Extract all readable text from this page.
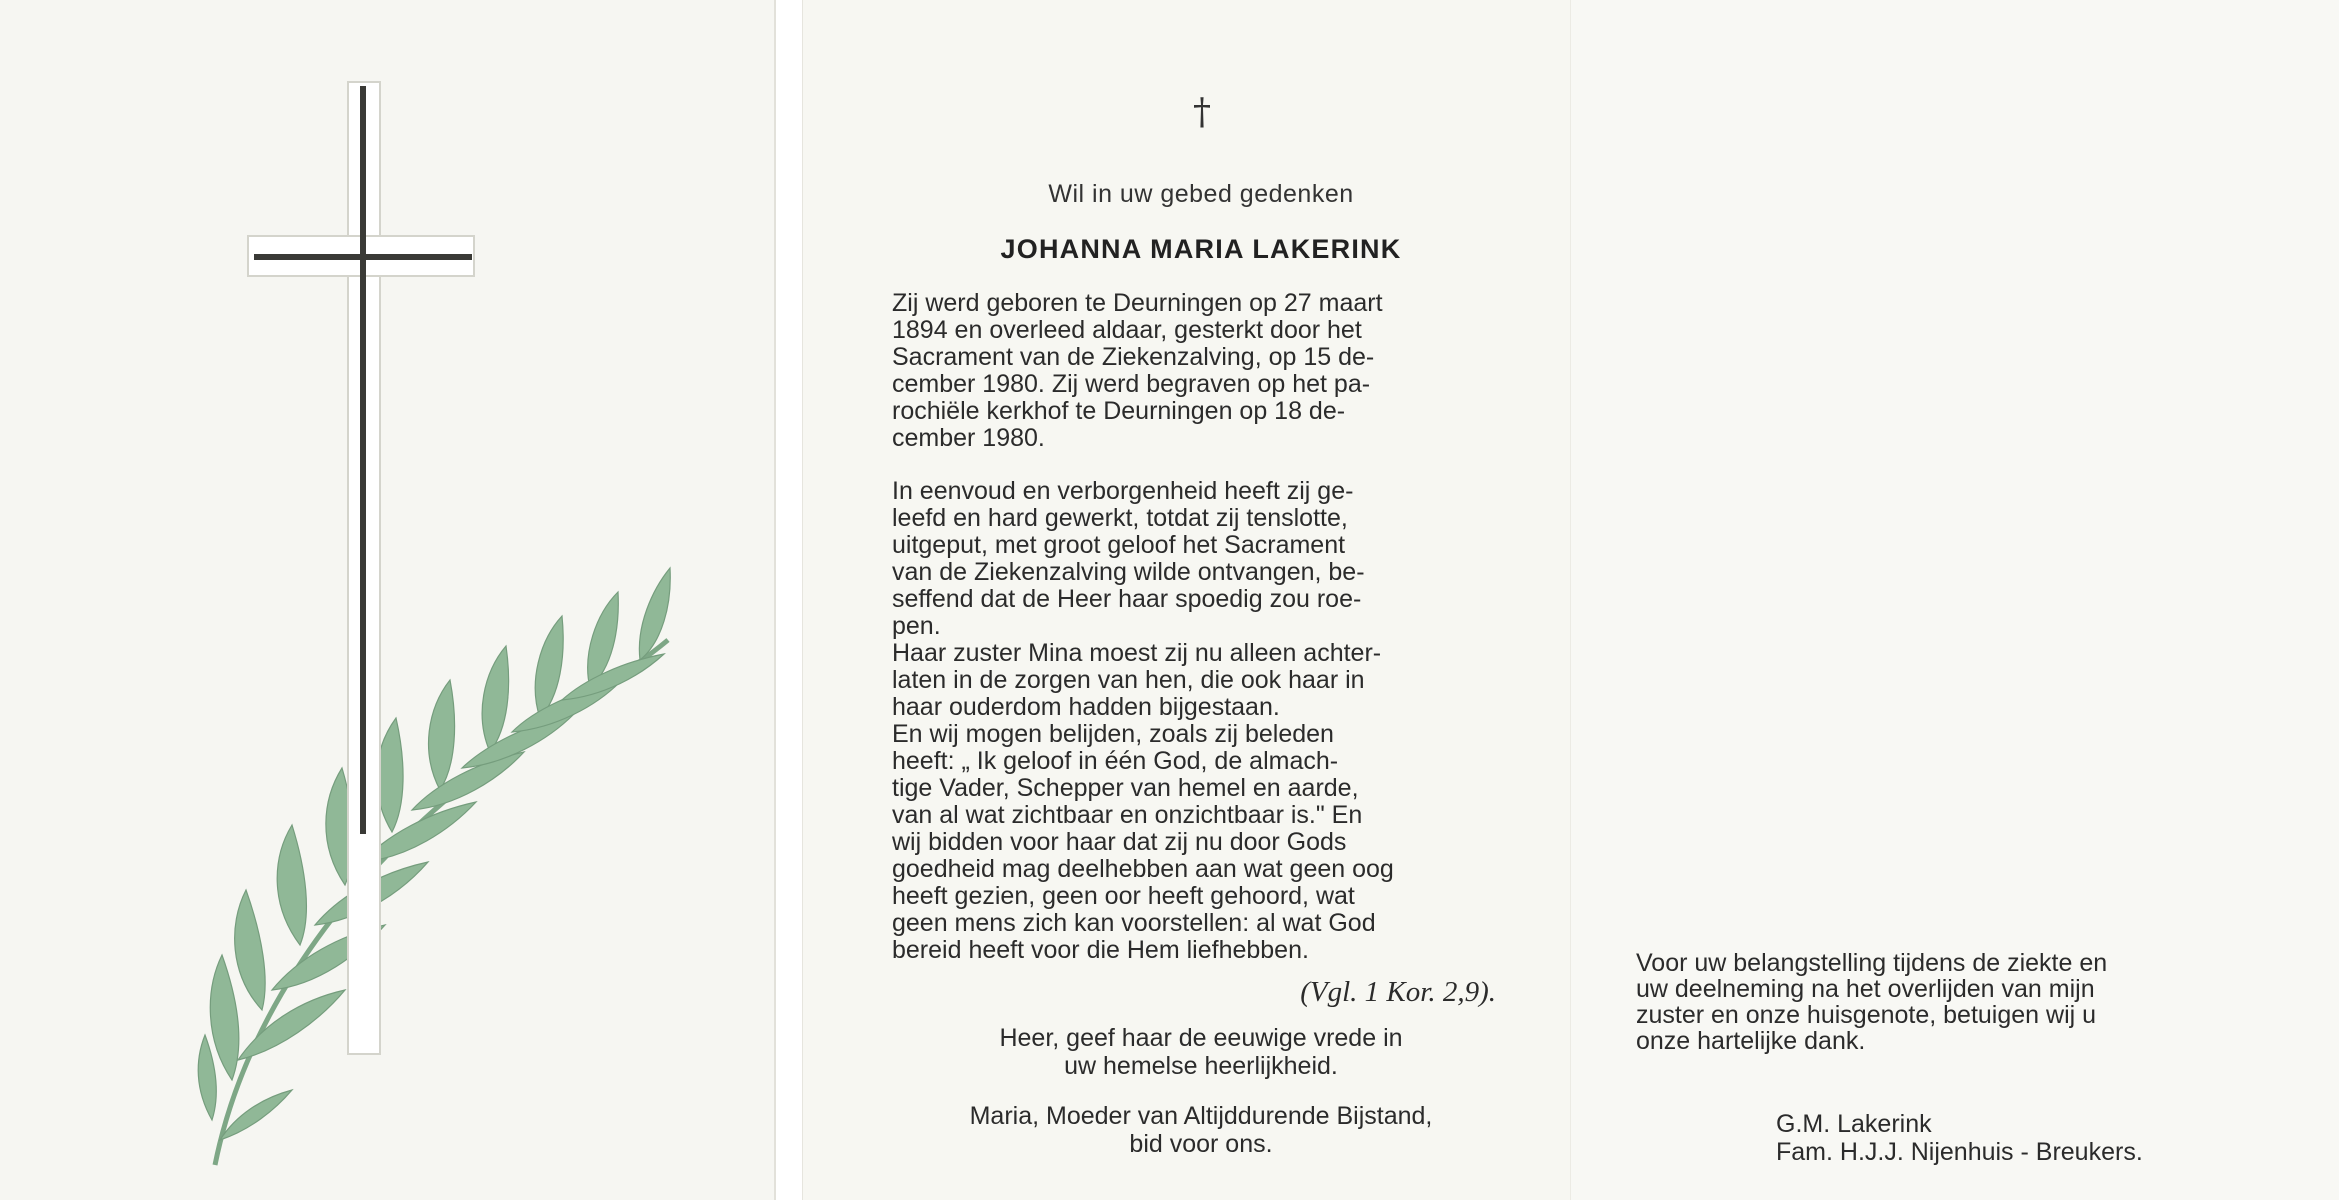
†
Wil in uw gebed gedenken
JOHANNA MARIA LAKERINK

Zij werd geboren te Deurningen op 27 maart
1894 en overleed aldaar, gesterkt door het
Sacrament van de Ziekenzalving, op 15 de-
cember 1980. Zij werd begraven op het pa-
rochiële kerkhof te Deurningen op 18 de-
cember 1980.

In eenvoud en verborgenheid heeft zij ge-
leefd en hard gewerkt, totdat zij tenslotte,
uitgeput, met groot geloof het Sacrament
van de Ziekenzalving wilde ontvangen, be-
seffend dat de Heer haar spoedig zou roe-
pen.
Haar zuster Mina moest zij nu alleen achter-
laten in de zorgen van hen, die ook haar in
haar ouderdom hadden bijgestaan.
En wij mogen belijden, zoals zij beleden
heeft: „ Ik geloof in één God, de almach-
tige Vader, Schepper van hemel en aarde,
van al wat zichtbaar en onzichtbaar is." En
wij bidden voor haar dat zij nu door Gods
goedheid mag deelhebben aan wat geen oog
heeft gezien, geen oor heeft gehoord, wat
geen mens zich kan voorstellen: al wat God
bereid heeft voor die Hem liefhebben.

(Vgl. 1 Kor. 2,9).
Heer, geef haar de eeuwige vrede in
uw hemelse heerlijkheid.
Maria, Moeder van Altijddurende Bijstand,
bid voor ons.

Voor uw belangstelling tijdens de ziekte en
uw deelneming na het overlijden van mijn
zuster en onze huisgenote, betuigen wij u
onze hartelijke dank.

G.M. Lakerink
Fam. H.J.J. Nijenhuis - Breukers.
